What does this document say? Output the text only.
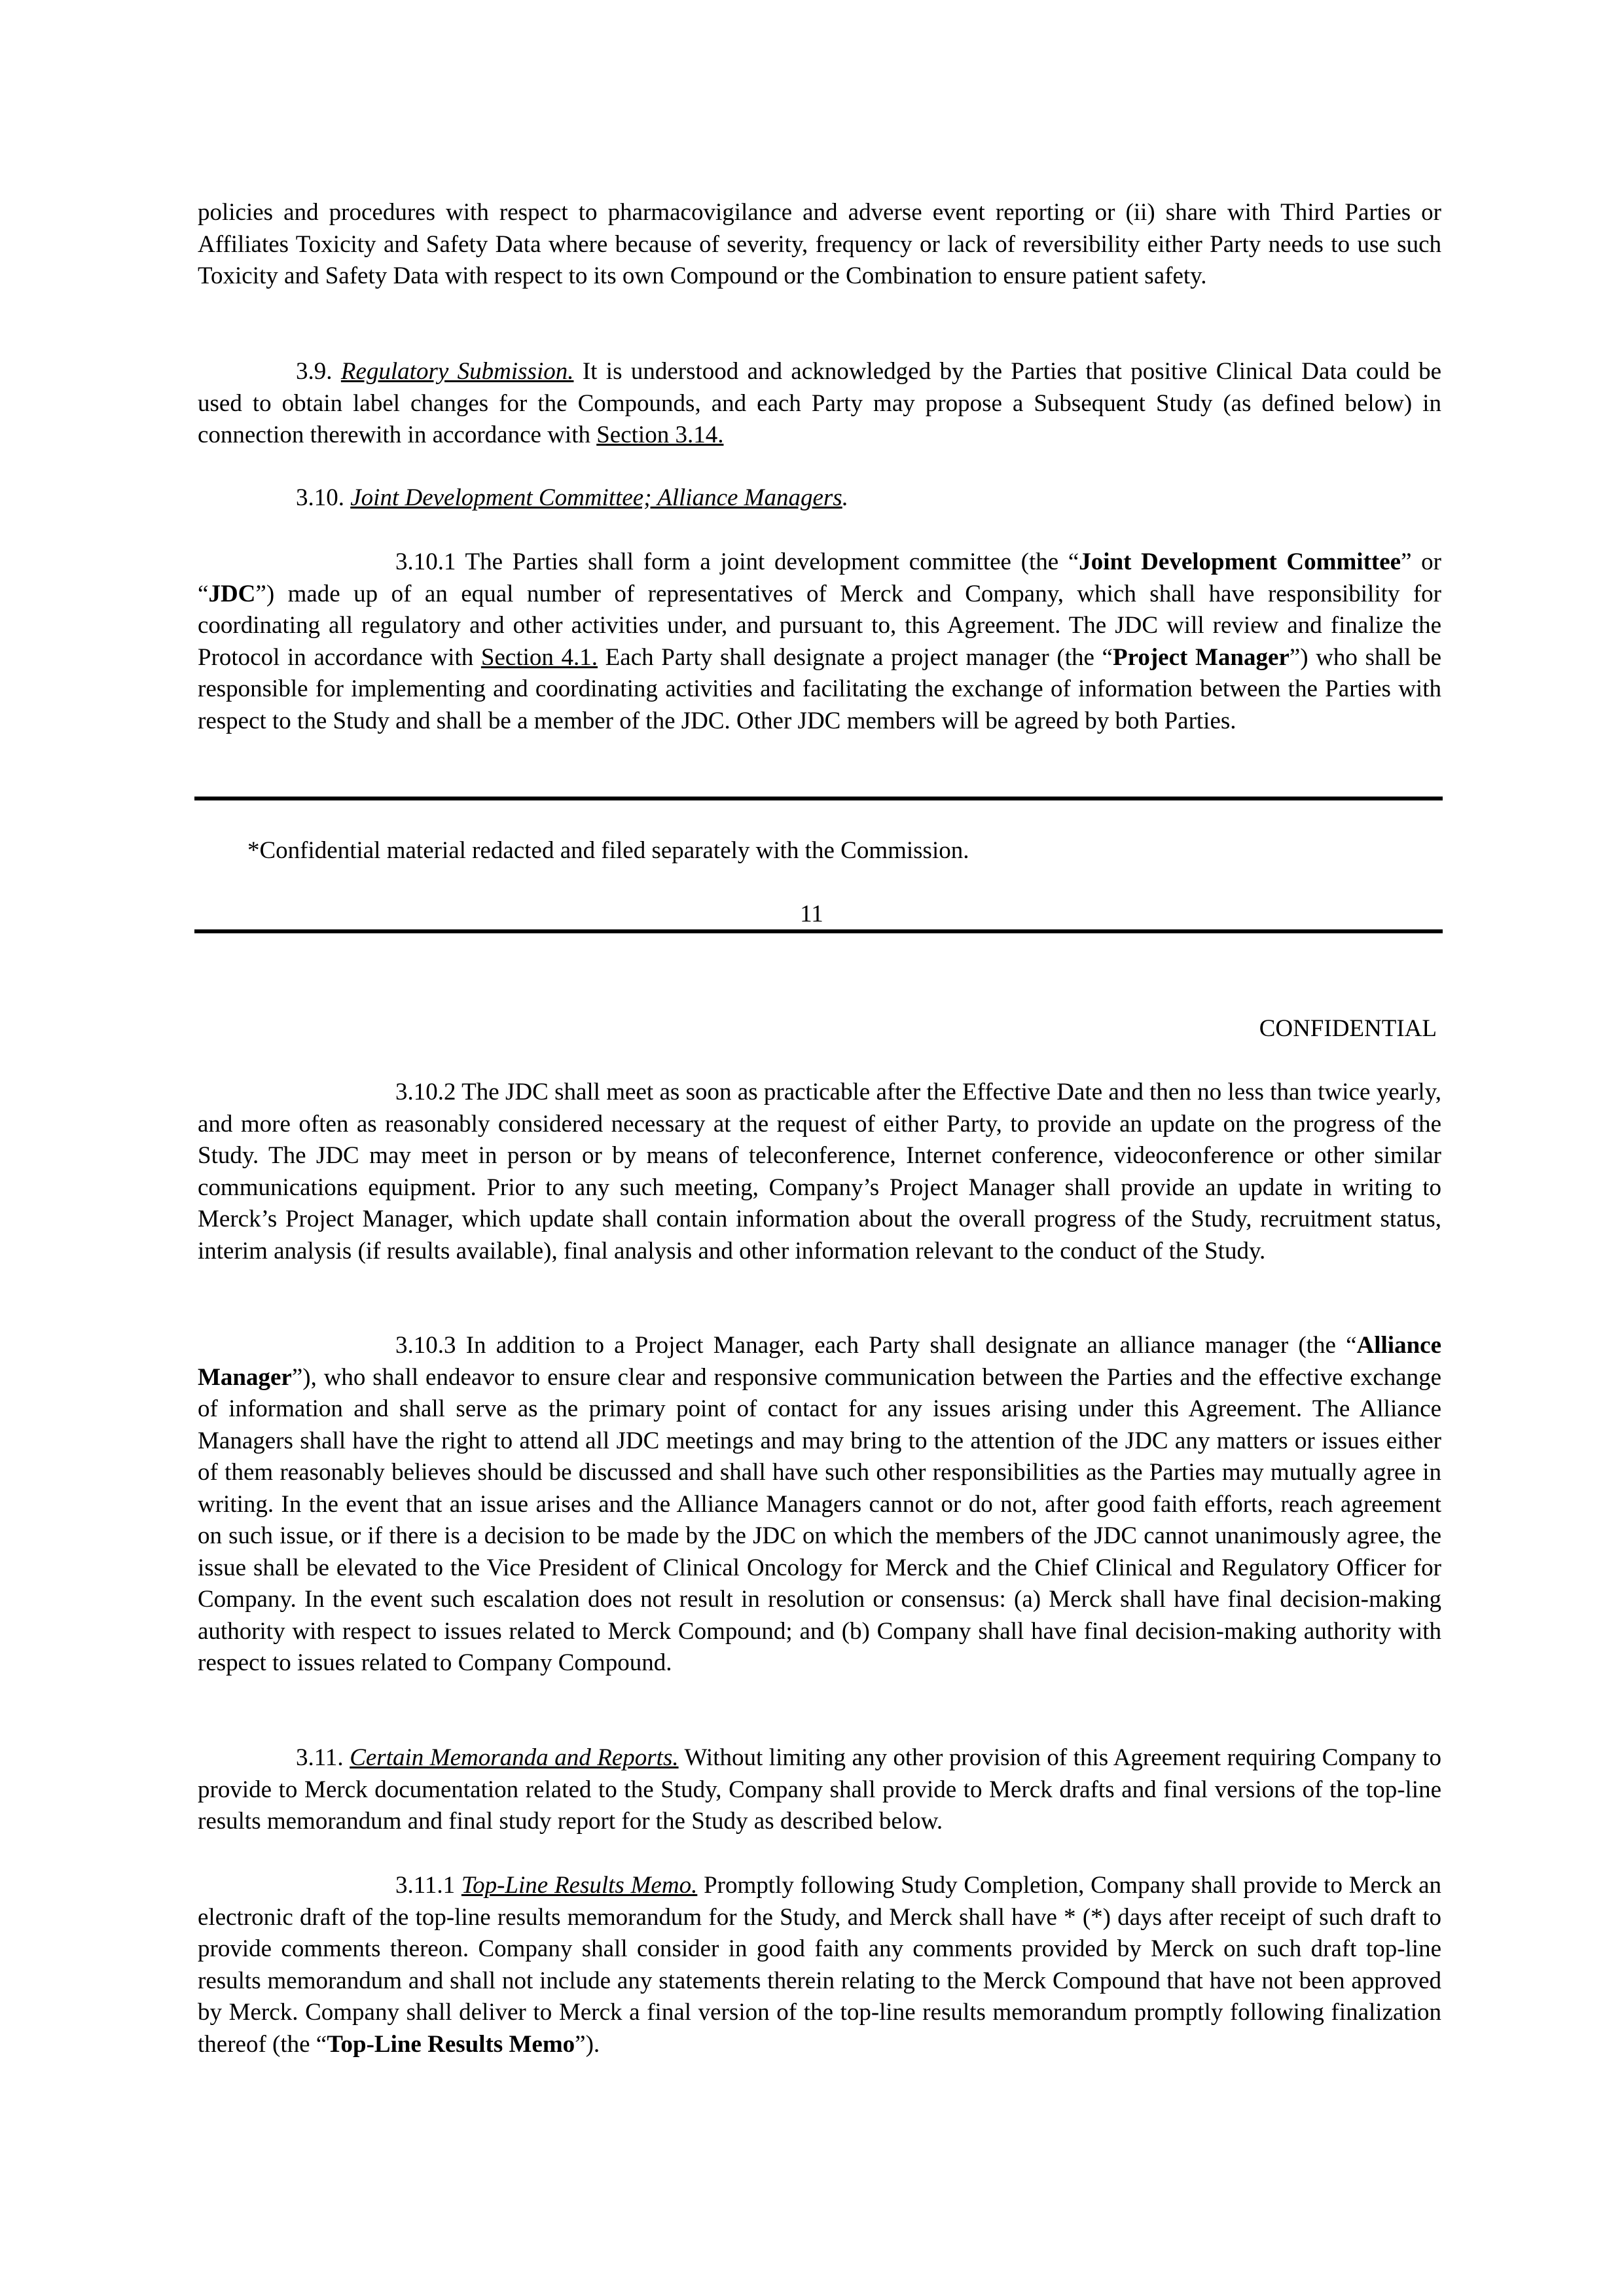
policies and procedures with respect to pharmacovigilance and adverse event reporting or (ii) share with Third Parties or Affiliates Toxicity and Safety Data where because of severity, frequency or lack of reversibility either Party needs to use such Toxicity and Safety Data with respect to its own Compound or the Combination to ensure patient safety.

3.9. Regulatory Submission. It is understood and acknowledged by the Parties that positive Clinical Data could be used to obtain label changes for the Compounds, and each Party may propose a Subsequent Study (as defined below) in connection therewith in accordance with Section 3.14.

3.10. Joint Development Committee; Alliance Managers.

3.10.1 The Parties shall form a joint development committee (the “Joint Development Committee” or “JDC”) made up of an equal number of representatives of Merck and Company, which shall have responsibility for coordinating all regulatory and other activities under, and pursuant to, this Agreement. The JDC will review and finalize the Protocol in accordance with Section 4.1. Each Party shall designate a project manager (the “Project Manager”) who shall be responsible for implementing and coordinating activities and facilitating the exchange of information between the Parties with respect to the Study and shall be a member of the JDC. Other JDC members will be agreed by both Parties.

*Confidential material redacted and filed separately with the Commission.
11
CONFIDENTIAL

3.10.2 The JDC shall meet as soon as practicable after the Effective Date and then no less than twice yearly, and more often as reasonably considered necessary at the request of either Party, to provide an update on the progress of the Study. The JDC may meet in person or by means of teleconference, Internet conference, videoconference or other similar communications equipment. Prior to any such meeting, Company’s Project Manager shall provide an update in writing to Merck’s Project Manager, which update shall contain information about the overall progress of the Study, recruitment status, interim analysis (if results available), final analysis and other information relevant to the conduct of the Study.

3.10.3 In addition to a Project Manager, each Party shall designate an alliance manager (the “Alliance Manager”), who shall endeavor to ensure clear and responsive communication between the Parties and the effective exchange of information and shall serve as the primary point of contact for any issues arising under this Agreement. The Alliance Managers shall have the right to attend all JDC meetings and may bring to the attention of the JDC any matters or issues either of them reasonably believes should be discussed and shall have such other responsibilities as the Parties may mutually agree in writing. In the event that an issue arises and the Alliance Managers cannot or do not, after good faith efforts, reach agreement on such issue, or if there is a decision to be made by the JDC on which the members of the JDC cannot unanimously agree, the issue shall be elevated to the Vice President of Clinical Oncology for Merck and the Chief Clinical and Regulatory Officer for Company. In the event such escalation does not result in resolution or consensus: (a) Merck shall have final decision-making authority with respect to issues related to Merck Compound; and (b) Company shall have final decision-making authority with respect to issues related to Company Compound.

3.11. Certain Memoranda and Reports. Without limiting any other provision of this Agreement requiring Company to provide to Merck documentation related to the Study, Company shall provide to Merck drafts and final versions of the top-line results memorandum and final study report for the Study as described below.

3.11.1 Top-Line Results Memo. Promptly following Study Completion, Company shall provide to Merck an electronic draft of the top-line results memorandum for the Study, and Merck shall have * (*) days after receipt of such draft to provide comments thereon. Company shall consider in good faith any comments provided by Merck on such draft top-line results memorandum and shall not include any statements therein relating to the Merck Compound that have not been approved by Merck. Company shall deliver to Merck a final version of the top-line results memorandum promptly following finalization thereof (the “Top-Line Results Memo”).
